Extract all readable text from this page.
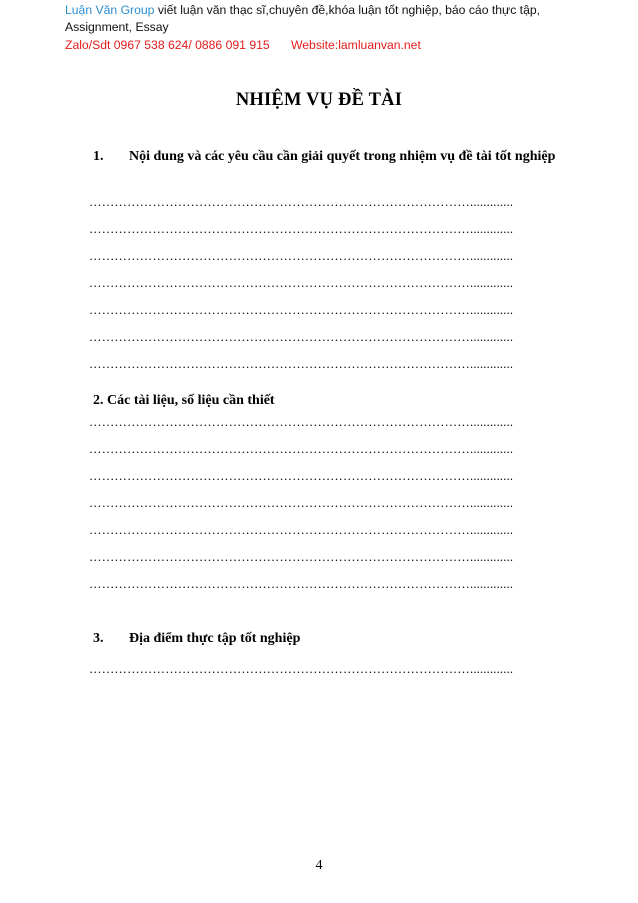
Luận Văn Group viết luận văn thạc sĩ,chuyên đề,khóa luận tốt nghiệp, báo cáo thực tập,
Assignment, Essay
Zalo/Sdt 0967 538 624/ 0886 091 915 Website:lamluanvan.net
NHIỆM VỤ ĐỀ TÀI
1. Nội dung và các yêu cầu cần giải quyết trong nhiệm vụ đề tài tốt nghiệp
……………………………………………………………………………….............
……………………………………………………………………………….............
……………………………………………………………………………….............
……………………………………………………………………………….............
……………………………………………………………………………….............
……………………………………………………………………………….............
……………………………………………………………………………….............
2. Các tài liệu, số liệu cần thiết
……………………………………………………………………………….............
……………………………………………………………………………….............
……………………………………………………………………………….............
……………………………………………………………………………….............
……………………………………………………………………………….............
……………………………………………………………………………….............
……………………………………………………………………………….............
3. Địa điểm thực tập tốt nghiệp
……………………………………………………………………………….............
4
